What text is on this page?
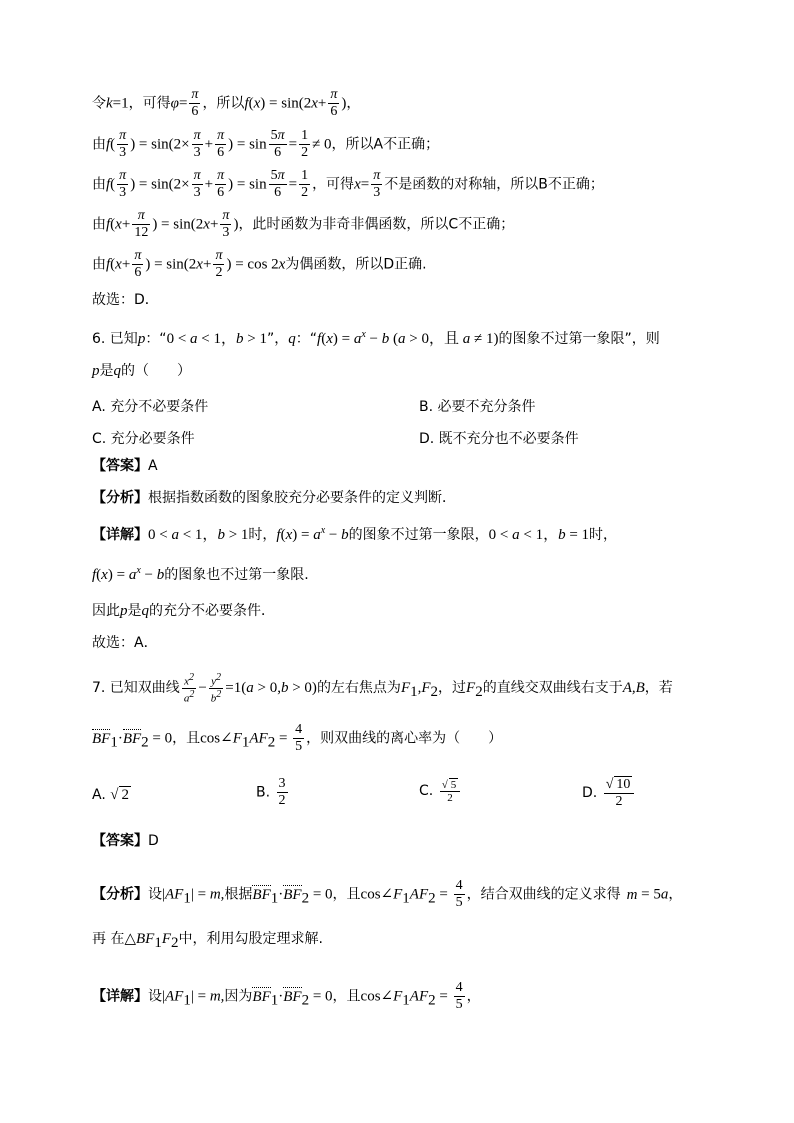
令k=1，可得$\varphi= \frac{\pi}{6}$ ，所以$f(x) = \sin(2x+ \frac{\pi}{6}$ )，
由$f( \frac{\pi}{3}$ ) = $\sin(2\times \frac{\pi}{3} + \frac{\pi}{6}$ ) = $\sin \frac{5\pi}{6} = \frac{1}{2} \ne 0$，所以A不正确；
由$f( \frac{\pi}{3}$ ) = $\sin(2\times \frac{\pi}{3} + \frac{\pi}{6}$ ) = $\sin \frac{5\pi}{6} = \frac{1}{2}$ ，可得$x= \frac{\pi}{3}$ 不是函数的对称轴，所以B不正确；
由$f(x+ \frac{\pi}{12}$ ) = $\sin(2x+ \frac{\pi}{3}$ )，此时函数为非奇非偶函数，所以C不正确；
由$f(x+ \frac{\pi}{6}$ ) = $\sin(2x+ \frac{\pi}{2}$ ) = cos 2x为偶函数，所以D正确.
故选：D．
6. 已知p：“0 < a < 1，b > 1”，q：“$f(x) = a^x - b$ (a > 0，且 a ≠ 1)的图象不过第一象限”，则
p是q的（　　）
A. 充分不必要条件	B. 必要不充分条件
C. 充分必要条件	D. 既不充分也不必要条件
【答案】A
【分析】根据指数函数的图象胶充分必要条件的定义判断．
【详解】0 < a < 1，b > 1时，$f(x) = a^x - b$的图象不过第一象限，0 < a < 1，b = 1时，
$f(x) = a^x - b$的图象也不过第一象限.
因此p是q的充分不必要条件．
故选：A．
7. 已知双曲线 $\frac{x^2}{a^2} - \frac{y^2}{b^2} =1(a > 0,b > 0)$的左右焦点为$F_1,F_2$，过$F_2$的直线交双曲线右支于A,B，若
$BF_1\cdot BF_2 = 0$，且$\cos\angle F_1AF_2 = \frac{4}{5}$ ，则双曲线的离心率为（　　）
A. √ 2	B. $\frac{3}{2}$	C. $\frac{√ 5}{2}$	D. $\frac{√ 10}{2}$
【答案】D
【分析】设$|AF_1| = m$,根据$BF_1\cdot BF_2 = 0$，且$\cos\angle F_1AF_2 = \frac{4}{5}$ ，结合双曲线的定义求得 m = 5a，
再 在$\triangle BF_1F_2$中，利用勾股定理求解.
【详解】设$|AF_1| = m$,因为$BF_1\cdot BF_2 = 0$，且$\cos\angle F_1AF_2 = \frac{4}{5}$ ，
